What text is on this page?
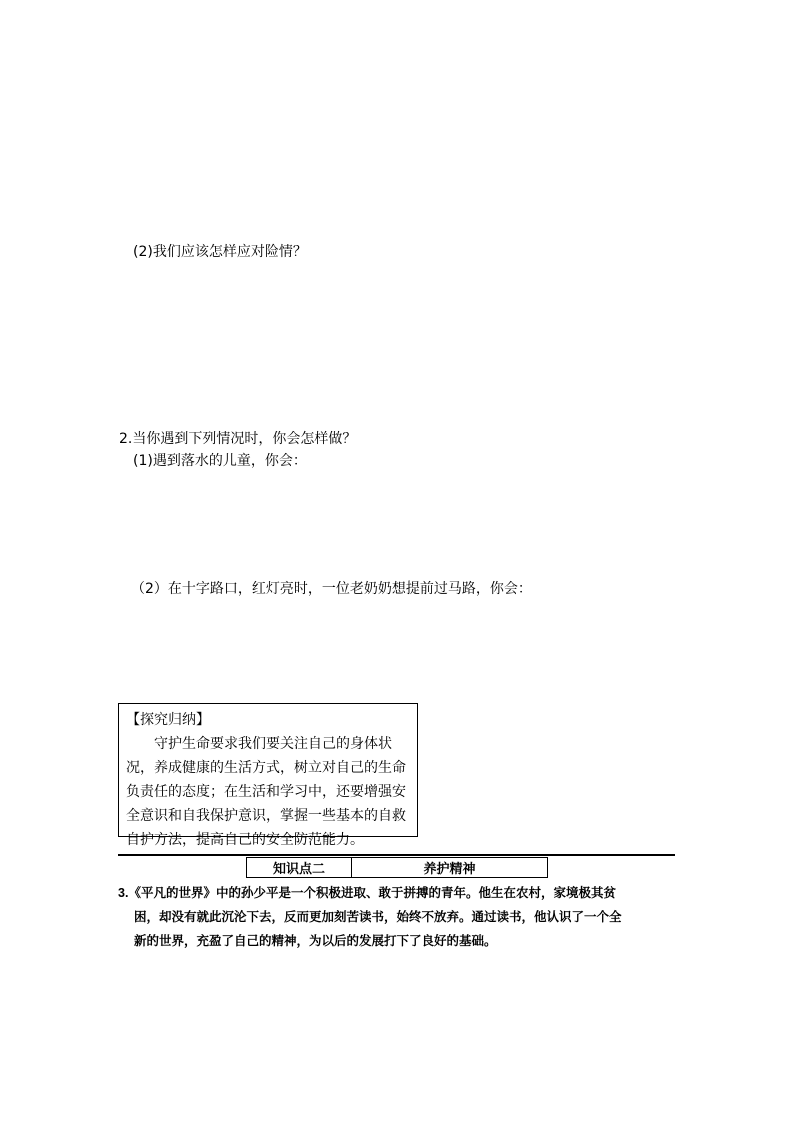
(2)我们应该怎样应对险情？
2.当你遇到下列情况时，你会怎样做？
(1)遇到落水的儿童，你会：
（2）在十字路口，红灯亮时，一位老奶奶想提前过马路，你会：
【探究归纳】
守护生命要求我们要关注自己的身体状况，养成健康的生活方式，树立对自己的生命负责任的态度；在生活和学习中，还要增强安全意识和自我保护意识，掌握一些基本的自救自护方法，提高自己的安全防范能力。
知识点二	养护精神
3.《平凡的世界》中的孙少平是一个积极进取、敢于拼搏的青年。他生在农村，家境极其贫
困，却没有就此沉沦下去，反而更加刻苦读书，始终不放弃。通过读书，他认识了一个全
新的世界，充盈了自己的精神，为以后的发展打下了良好的基础。
